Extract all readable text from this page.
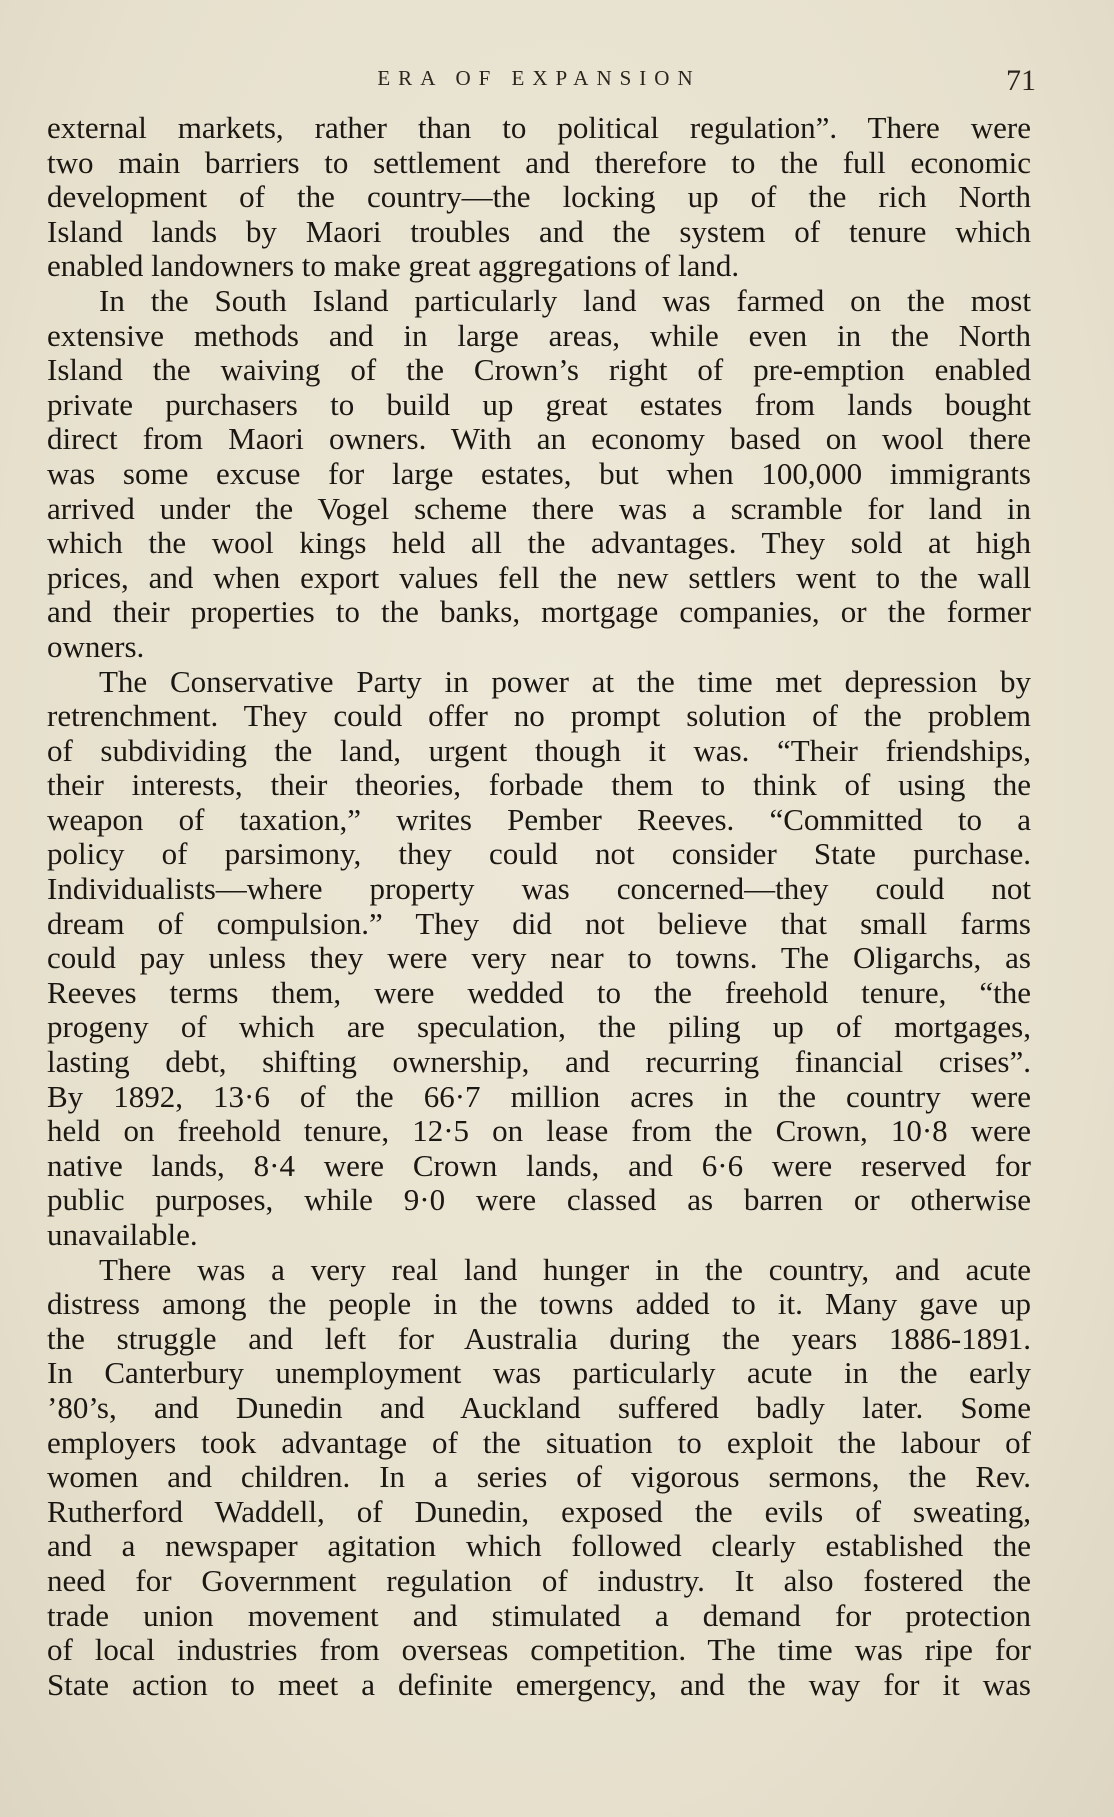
ERA OF EXPANSION	71
external markets, rather than to political regulation”. There were
two main barriers to settlement and therefore to the full economic
development of the country—the locking up of the rich North
Island lands by Maori troubles and the system of tenure which
enabled landowners to make great aggregations of land.
In the South Island particularly land was farmed on the most
extensive methods and in large areas, while even in the North
Island the waiving of the Crown’s right of pre-emption enabled
private purchasers to build up great estates from lands bought
direct from Maori owners. With an economy based on wool there
was some excuse for large estates, but when 100,000 immigrants
arrived under the Vogel scheme there was a scramble for land in
which the wool kings held all the advantages. They sold at high
prices, and when export values fell the new settlers went to the wall
and their properties to the banks, mortgage companies, or the former
owners.
The Conservative Party in power at the time met depression by
retrenchment. They could offer no prompt solution of the problem
of subdividing the land, urgent though it was. “Their friendships,
their interests, their theories, forbade them to think of using the
weapon of taxation,” writes Pember Reeves. “Committed to a
policy of parsimony, they could not consider State purchase.
Individualists—where property was concerned—they could not
dream of compulsion.” They did not believe that small farms
could pay unless they were very near to towns. The Oligarchs, as
Reeves terms them, were wedded to the freehold tenure, “the
progeny of which are speculation, the piling up of mortgages,
lasting debt, shifting ownership, and recurring financial crises”.
By 1892, 13·6 of the 66·7 million acres in the country were
held on freehold tenure, 12·5 on lease from the Crown, 10·8 were
native lands, 8·4 were Crown lands, and 6·6 were reserved for
public purposes, while 9·0 were classed as barren or otherwise
unavailable.
There was a very real land hunger in the country, and acute
distress among the people in the towns added to it. Many gave up
the struggle and left for Australia during the years 1886-1891.
In Canterbury unemployment was particularly acute in the early
’80’s, and Dunedin and Auckland suffered badly later. Some
employers took advantage of the situation to exploit the labour of
women and children. In a series of vigorous sermons, the Rev.
Rutherford Waddell, of Dunedin, exposed the evils of sweating,
and a newspaper agitation which followed clearly established the
need for Government regulation of industry. It also fostered the
trade union movement and stimulated a demand for protection
of local industries from overseas competition. The time was ripe for
State action to meet a definite emergency, and the way for it was
